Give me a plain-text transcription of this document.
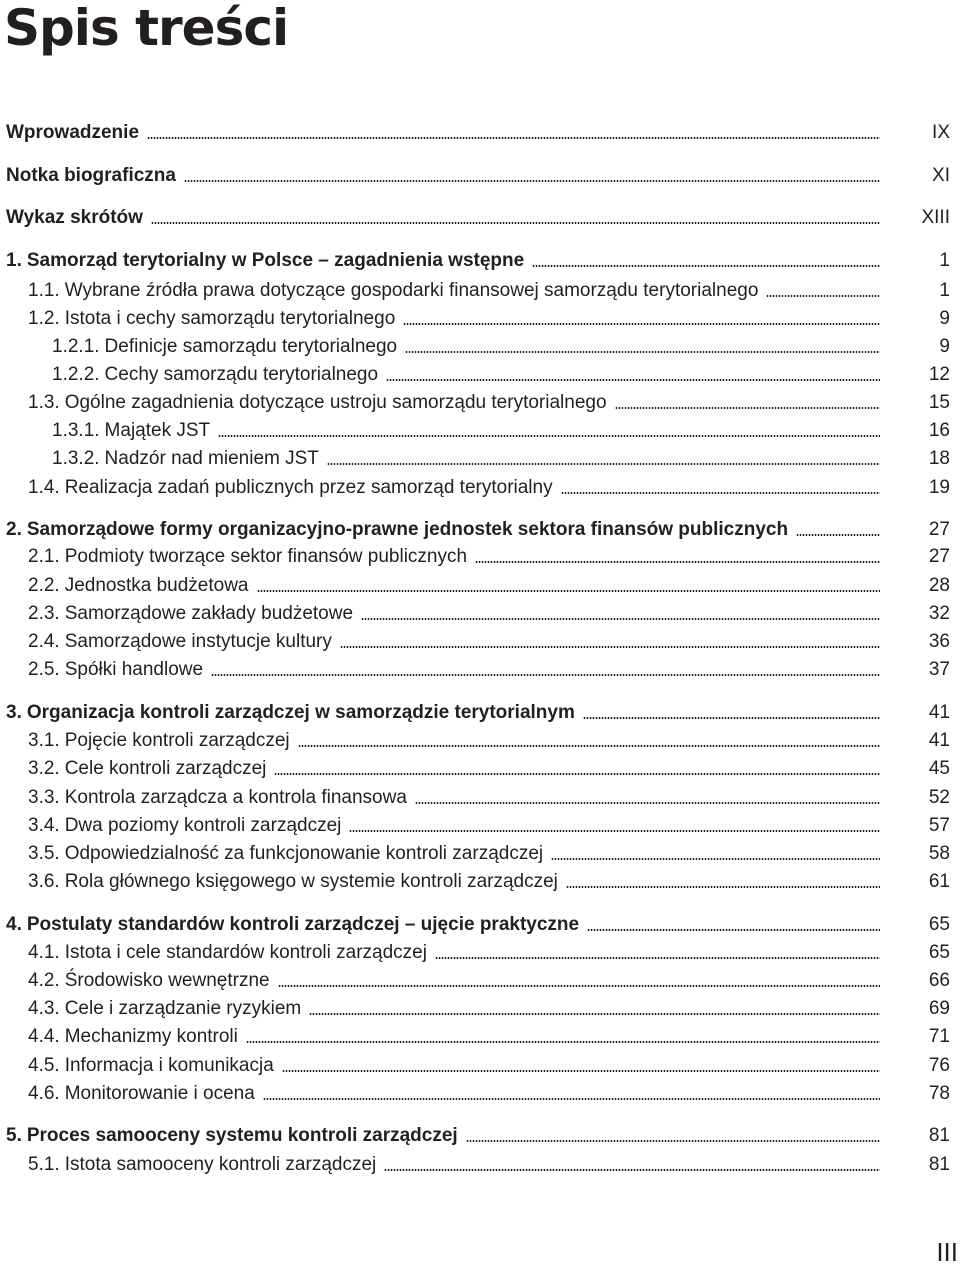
Spis treści
Wprowadzenie	IX
Notka biograficzna	XI
Wykaz skrótów	XIII
1. Samorząd terytorialny w Polsce – zagadnienia wstępne	1
1.1. Wybrane źródła prawa dotyczące gospodarki finansowej samorządu terytorialnego	1
1.2. Istota i cechy samorządu terytorialnego	9
1.2.1. Definicje samorządu terytorialnego	9
1.2.2. Cechy samorządu terytorialnego	12
1.3. Ogólne zagadnienia dotyczące ustroju samorządu terytorialnego	15
1.3.1. Majątek JST	16
1.3.2. Nadzór nad mieniem JST	18
1.4. Realizacja zadań publicznych przez samorząd terytorialny	19
2. Samorządowe formy organizacyjno-prawne jednostek sektora finansów publicznych	27
2.1. Podmioty tworzące sektor finansów publicznych	27
2.2. Jednostka budżetowa	28
2.3. Samorządowe zakłady budżetowe	32
2.4. Samorządowe instytucje kultury	36
2.5. Spółki handlowe	37
3. Organizacja kontroli zarządczej w samorządzie terytorialnym	41
3.1. Pojęcie kontroli zarządczej	41
3.2. Cele kontroli zarządczej	45
3.3. Kontrola zarządcza a kontrola finansowa	52
3.4. Dwa poziomy kontroli zarządczej	57
3.5. Odpowiedzialność za funkcjonowanie kontroli zarządczej	58
3.6. Rola głównego księgowego w systemie kontroli zarządczej	61
4. Postulaty standardów kontroli zarządczej – ujęcie praktyczne	65
4.1. Istota i cele standardów kontroli zarządczej	65
4.2. Środowisko wewnętrzne	66
4.3. Cele i zarządzanie ryzykiem	69
4.4. Mechanizmy kontroli	71
4.5. Informacja i komunikacja	76
4.6. Monitorowanie i ocena	78
5. Proces samooceny systemu kontroli zarządczej	81
5.1. Istota samooceny kontroli zarządczej	81
III
